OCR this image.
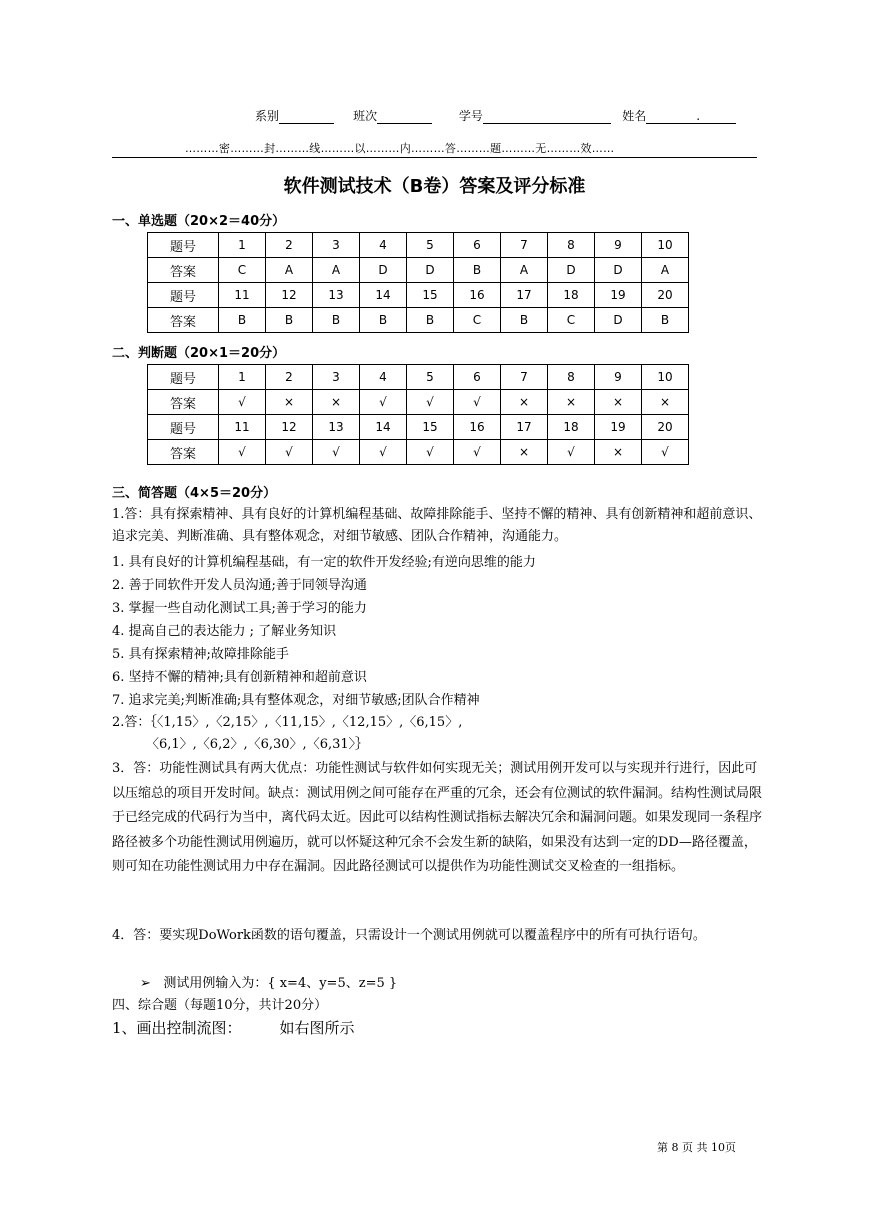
系别	班次	学号	姓名	.
………密………封………线………以………内………答………题………无………效……
软件测试技术（B卷）答案及评分标准
一、单选题（20×2＝40分）
题号	1	2	3	4	5	6	7	8	9	10
答案	C	A	A	D	D	B	A	D	D	A
题号	11	12	13	14	15	16	17	18	19	20
答案	B	B	B	B	B	C	B	C	D	B
二、判断题（20×1＝20分）
题号	1	2	3	4	5	6	7	8	9	10
答案	√	×	×	√	√	√	×	×	×	×
题号	11	12	13	14	15	16	17	18	19	20
答案	√	√	√	√	√	√	×	√	×	√
三、简答题（4×5＝20分）
1.答：具有探索精神、具有良好的计算机编程基础、故障排除能手、坚持不懈的精神、具有创新精神和超前意识、追求完美、判断准确、具有整体观念，对细节敏感、团队合作精神，沟通能力。
1. 具有良好的计算机编程基础，有一定的软件开发经验;有逆向思维的能力
2. 善于同软件开发人员沟通;善于同领导沟通
3. 掌握一些自动化测试工具;善于学习的能力
4. 提高自己的表达能力 ; 了解业务知识
5. 具有探索精神;故障排除能手
6. 坚持不懈的精神;具有创新精神和超前意识
7. 追求完美;判断准确;具有整体观念，对细节敏感;团队合作精神
2.答：｛〈1,15〉,〈2,15〉,〈11,15〉,〈12,15〉,〈6,15〉,
〈6,1〉,〈6,2〉,〈6,30〉,〈6,31〉｝
3．答：功能性测试具有两大优点：功能性测试与软件如何实现无关；测试用例开发可以与实现并行进行，因此可以压缩总的项目开发时间。缺点：测试用例之间可能存在严重的冗余，还会有位测试的软件漏洞。结构性测试局限于已经完成的代码行为当中，离代码太近。因此可以结构性测试指标去解决冗余和漏洞问题。如果发现同一条程序路径被多个功能性测试用例遍历，就可以怀疑这种冗余不会发生新的缺陷，如果没有达到一定的DD—路径覆盖，则可知在功能性测试用力中存在漏洞。因此路径测试可以提供作为功能性测试交叉检查的一组指标。
4．答：要实现DoWork函数的语句覆盖，只需设计一个测试用例就可以覆盖程序中的所有可执行语句。
➢ 测试用例输入为：{ x=4、y=5、z=5 }
四、综合题（每题10分，共计20分）
1、画出控制流图：	如右图所示
第 8 页 共 10页
